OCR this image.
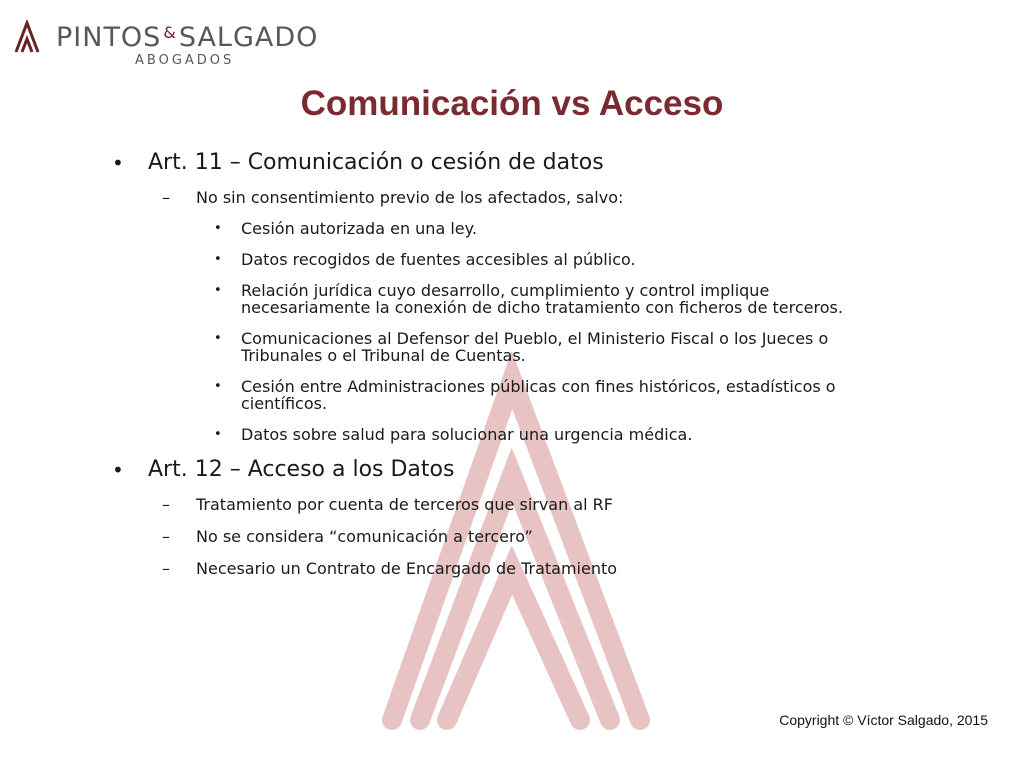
PINTOS &SALGADO
ABOGADOS
Comunicación vs Acceso
• Art. 11 – Comunicación o cesión de datos
– No sin consentimiento previo de los afectados, salvo:
• Cesión autorizada en una ley.
• Datos recogidos de fuentes accesibles al público.
• Relación jurídica cuyo desarrollo, cumplimiento y control implique necesariamente la conexión de dicho tratamiento con ficheros de terceros.
• Comunicaciones al Defensor del Pueblo, el Ministerio Fiscal o los Jueces o Tribunales o el Tribunal de Cuentas.
• Cesión entre Administraciones públicas con fines históricos, estadísticos o científicos.
• Datos sobre salud para solucionar una urgencia médica.
• Art. 12 – Acceso a los Datos
– Tratamiento por cuenta de terceros que sirvan al RF
– No se considera “comunicación a tercero”
– Necesario un Contrato de Encargado de Tratamiento
Copyright © Víctor Salgado, 2015
